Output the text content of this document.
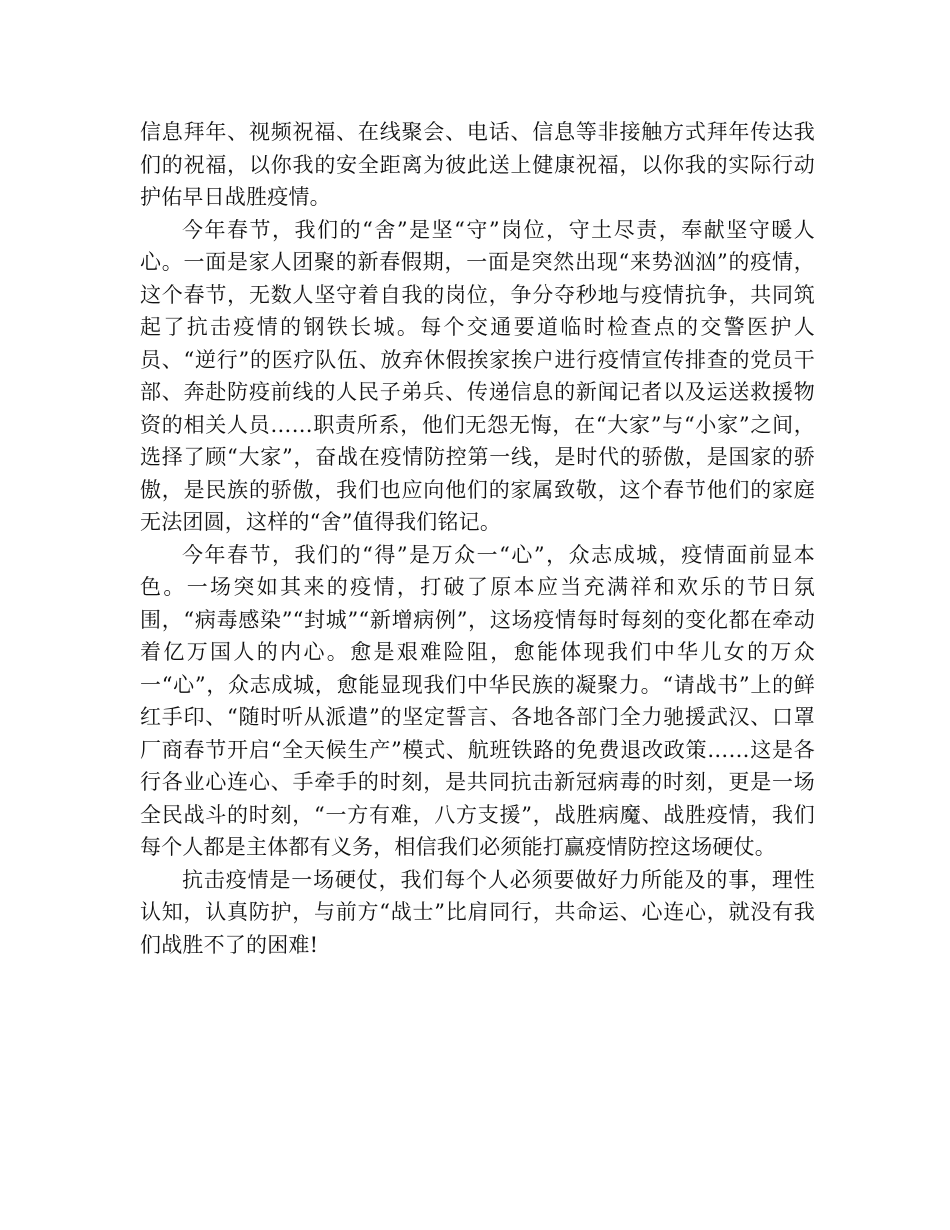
信息拜年、视频祝福、在线聚会、电话、信息等非接触方式拜年传达我们的祝福，以你我的安全距离为彼此送上健康祝福，以你我的实际行动护佑早日战胜疫情。

今年春节，我们的“舍”是坚“守”岗位，守土尽责，奉献坚守暖人心。一面是家人团聚的新春假期，一面是突然出现“来势汹汹”的疫情，这个春节，无数人坚守着自我的岗位，争分夺秒地与疫情抗争，共同筑起了抗击疫情的钢铁长城。每个交通要道临时检查点的交警医护人员、“逆行”的医疗队伍、放弃休假挨家挨户进行疫情宣传排查的党员干部、奔赴防疫前线的人民子弟兵、传递信息的新闻记者以及运送救援物资的相关人员……职责所系，他们无怨无悔，在“大家”与“小家”之间，选择了顾“大家”，奋战在疫情防控第一线，是时代的骄傲，是国家的骄傲，是民族的骄傲，我们也应向他们的家属致敬，这个春节他们的家庭无法团圆，这样的“舍”值得我们铭记。

今年春节，我们的“得”是万众一“心”，众志成城，疫情面前显本色。一场突如其来的疫情，打破了原本应当充满祥和欢乐的节日氛围，“病毒感染”“封城”“新增病例”，这场疫情每时每刻的变化都在牵动着亿万国人的内心。愈是艰难险阻，愈能体现我们中华儿女的万众一“心”，众志成城，愈能显现我们中华民族的凝聚力。“请战书”上的鲜红手印、“随时听从派遣”的坚定誓言、各地各部门全力驰援武汉、口罩厂商春节开启“全天候生产”模式、航班铁路的免费退改政策……这是各行各业心连心、手牵手的时刻，是共同抗击新冠病毒的时刻，更是一场全民战斗的时刻，“一方有难，八方支援”，战胜病魔、战胜疫情，我们每个人都是主体都有义务，相信我们必须能打赢疫情防控这场硬仗。

抗击疫情是一场硬仗，我们每个人必须要做好力所能及的事，理性认知，认真防护，与前方“战士”比肩同行，共命运、心连心，就没有我们战胜不了的困难!
